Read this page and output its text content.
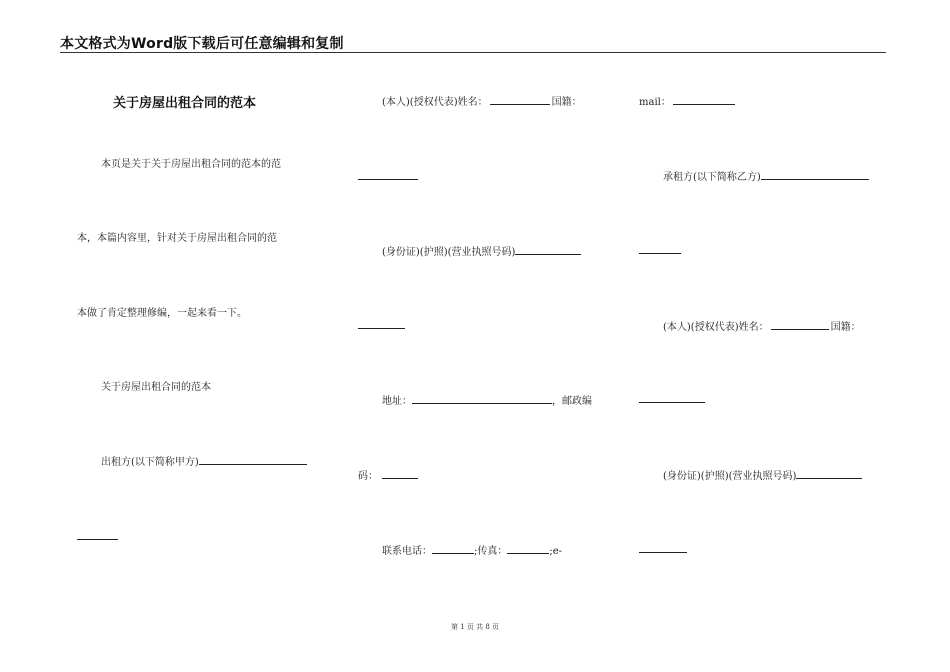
本文格式为Word版下载后可任意编辑和复制
关于房屋出租合同的范本
本页是关于关于房屋出租合同的范本的范
本，本篇内容里，针对关于房屋出租合同的范
本做了肯定整理修编，一起来看一下。
关于房屋出租合同的范本
出租方(以下简称甲方)
(本人)(授权代表)姓名：	国籍：
(身份证)(护照)(营业执照号码)
地址：	，邮政编
码：
联系电话：	;传真：	;e-
mail：
承租方(以下简称乙方)
(本人)(授权代表)姓名：	国籍：
(身份证)(护照)(营业执照号码)
第 1 页 共 8 页
